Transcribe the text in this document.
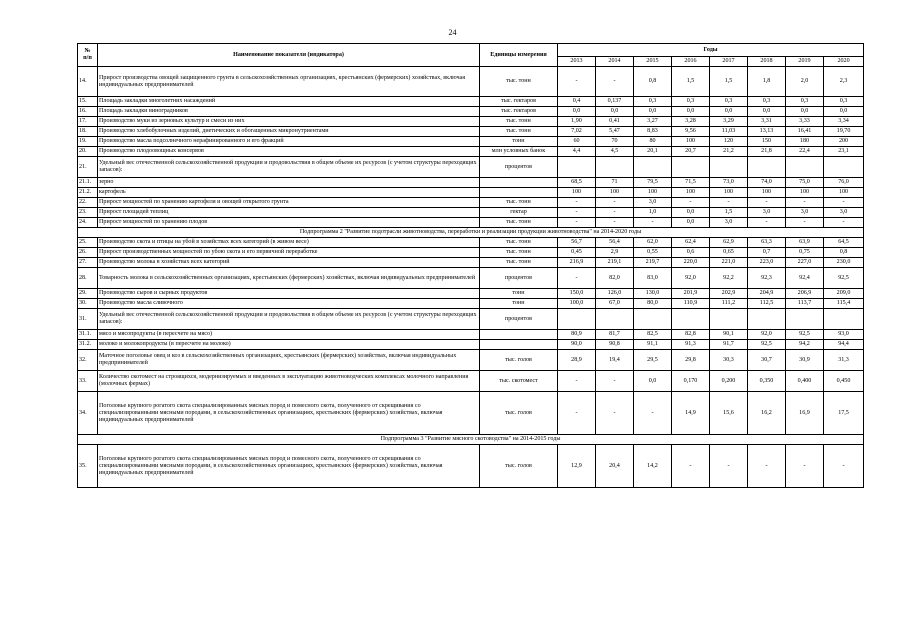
24
№
п/п	Наименование показателя (индикатора)	Единицы измерения	Годы							
			2013	2014	2015	2016	2017	2018	2019	2020
14.	Прирост производства овощей защищенного грунта в сельскохозяйственных организациях, крестьянских (фермерских) хозяйствах, включая индивидуальных предпринимателей	тыс. тонн	-	-	0,8	1,5	1,5	1,8	2,0	2,3
15.	Площадь закладки многолетних насаждений	тыс. гектаров	0,4	0,137	0,3	0,3	0,3	0,3	0,3	0,3
16.	Площадь закладки виноградников	тыс. гектаров	0,0	0,0	0,0	0,0	0,0	0,0	0,0	0,0
17.	Производство муки из зерновых культур и смеси из них	тыс. тонн	1,90	0,41	3,27	3,28	3,29	3,31	3,33	3,34
18.	Производство хлебобулочных изделий, диетических и обогащенных микронутриентами	тыс. тонн	7,02	5,47	8,83	9,56	11,03	13,13	16,41	19,70
19.	Производство масла подсолнечного нерафинированного и его фракций	тонн	60	70	80	100	120	150	180	200
20.	Производство плодоовощных консервов	млн условных банок	4,4	4,5	20,1	20,7	21,2	21,8	22,4	23,1
21.	Удельный вес отечественной сельскохозяйственной продукции и продовольствия в общем объеме их ресурсов (с учетом структуры переходящих запасов):	процентов								
21.1.	зерно		68,5	71	79,5	71,5	73,0	74,0	75,0	76,0
21.2.	картофель		100	100	100	100	100	100	100	100
22.	Прирост мощностей по хранению картофеля и овощей открытого грунта	тыс. тонн	-	-	3,0	-	-	-	-	-
23.	Прирост площадей теплиц	гектар	-	-	1,0	0,0	1,5	3,0	3,0	3,0
24.	Прирост мощностей по хранению плодов	тыс. тонн	-	-	-	0,0	3,0	-	-	-
Подпрограмма 2 "Развитие подотрасли животноводства, переработки и реализации продукции животноводства" на 2014-2020 годы										
25.	Производство скота и птицы на убой в хозяйствах всех категорий (в живом весе)	тыс. тонн	56,7	56,4	62,0	62,4	62,9	63,3	63,9	64,5
26.	Прирост производственных мощностей по убою скота и его первичной переработке	тыс. тонн	0,45	2,9	0,55	0,6	0,65	0,7	0,75	0,8
27.	Производство молока в хозяйствах всех категорий	тыс. тонн	216,9	219,1	219,7	220,0	221,0	223,0	227,0	230,0
28.	Товарность молока в сельскохозяйственных организациях, крестьянских (фермерских) хозяйствах, включая индивидуальных предпринимателей	процентов	-	82,0	83,0	92,0	92,2	92,3	92,4	92,5
29.	Производство сыров и сырных продуктов	тонн	150,0	126,0	130,0	201,9	202,9	204,9	206,9	209,0
30.	Производство масла сливочного	тонн	100,0	67,0	80,0	110,9	111,2	112,5	113,7	115,4
31.	Удельный вес отечественной сельскохозяйственной продукции и продовольствия в общем объеме их ресурсов (с учетом структуры переходящих запасов):	процентов								
31.1.	мясо и мясопродукты (в пересчете на мясо)		80,9	81,7	82,5	82,8	90,1	92,0	92,5	93,0
31.2.	молоко и молокопродукты (в пересчете на молоко)		90,0	90,8	91,1	91,3	91,7	92,5	94,2	94,4
32.	Маточное поголовье овец и коз в сельскохозяйственных организациях, крестьянских (фермерских) хозяйствах, включая индивидуальных предпринимателей	тыс. голов	28,9	19,4	29,5	29,8	30,3	30,7	30,9	31,3
33.	Количество скотомест на строящихся, модернизируемых и введенных в эксплуатацию животноводческих комплексах молочного направления (молочных фермах)	тыс. скотомест	-	-	0,0	0,170	0,200	0,350	0,400	0,450
34.	Поголовье крупного рогатого скота специализированных мясных пород и помесного скота, полученного от скрещивания со специализированными мясными породами, в сельскохозяйственных организациях, крестьянских (фермерских) хозяйствах, включая индивидуальных предпринимателей	тыс. голов	-	-	-	14,9	15,6	16,2	16,9	17,5
Подпрограмма 3 "Развитие мясного скотоводства" на 2014-2015 годы										
35.	Поголовье крупного рогатого скота специализированных мясных пород и помесного скота, полученного от скрещивания со специализированными мясными породами, в сельскохозяйственных организациях, крестьянских (фермерских) хозяйствах, включая индивидуальных предпринимателей	тыс. голов	12,9	20,4	14,2	-	-	-	-	-
